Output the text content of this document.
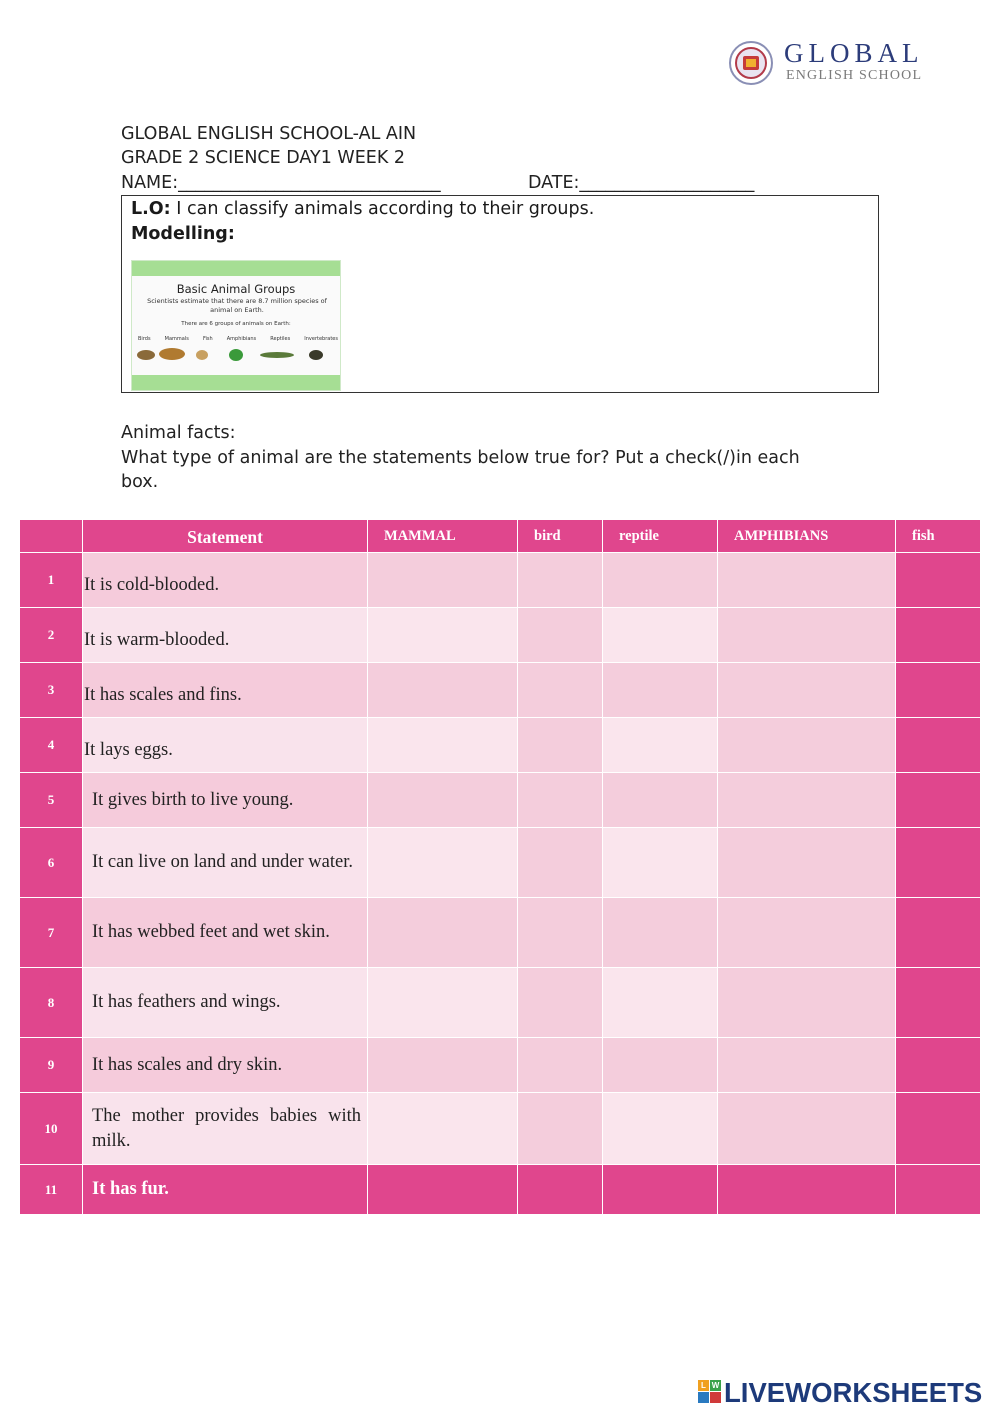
GLOBAL
ENGLISH SCHOOL
GLOBAL ENGLISH SCHOOL-AL AIN
GRADE 2 SCIENCE DAY1 WEEK 2
NAME:______________________________	DATE:____________________
L.O: I can classify animals according to their groups.
Modelling:
Basic Animal Groups
Scientists estimate that there are 8.7 million species of animal on Earth.
There are 6 groups of animals on Earth:
Birds	Mammals	Fish	Amphibians	Reptiles	Invertebrates
Animal facts:
What type of animal are the statements below true for? Put a check(/)in each box.
	Statement	MAMMAL	bird	reptile	AMPHIBIANS	fish
1	It is cold-blooded.					

2	It is warm-blooded.					

3	It has scales and fins.					

4	It lays eggs.					

5	It gives birth to live young.					

6	It can live on land and under water.					

7	It has webbed feet and wet skin.					

8	It has feathers and wings.					

9	It has scales and dry skin.					

10	The mother provides babies with milk.					

11	It has fur.					

L W LIVEWORKSHEETS
